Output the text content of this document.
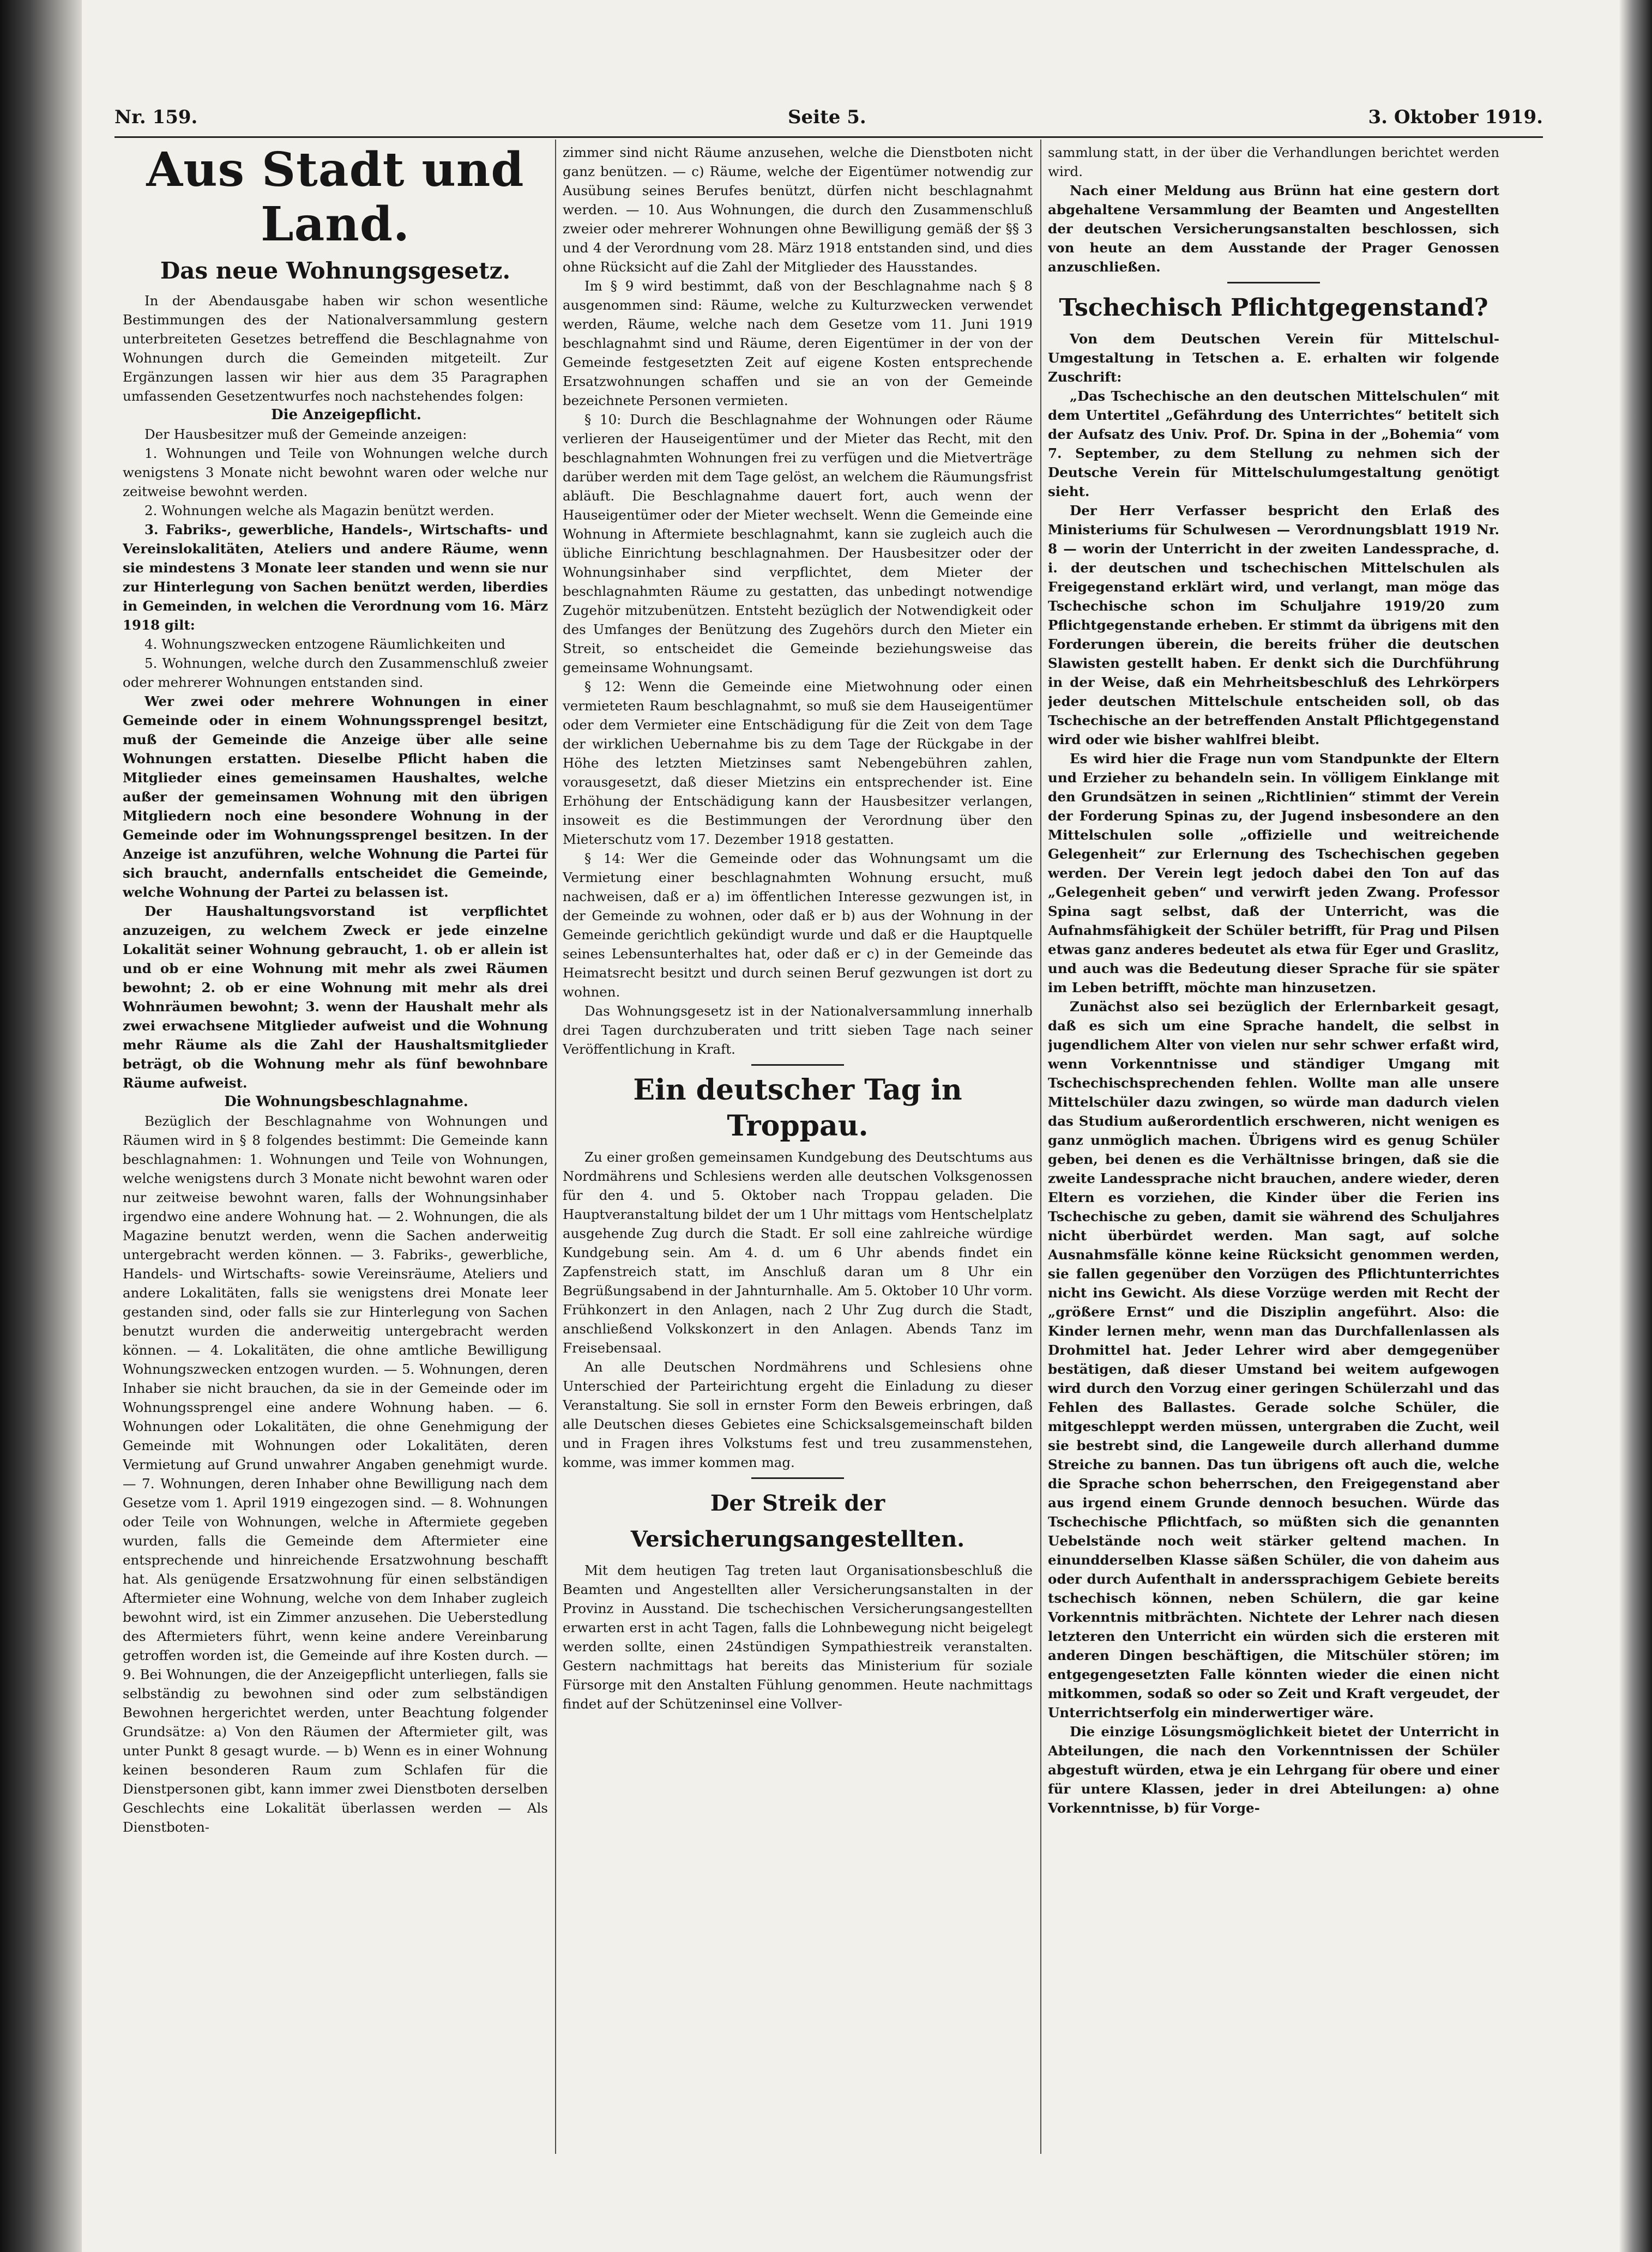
Nr. 159.	Seite 5.	3. Oktober 1919.
Aus Stadt und Land.
Das neue Wohnungsgesetz.

In der Abendausgabe haben wir schon wesentliche Bestimmungen des der Nationalversammlung gestern unterbreiteten Gesetzes betreffend die Beschlagnahme von Wohnungen durch die Gemeinden mitgeteilt. Zur Ergänzungen lassen wir hier aus dem 35 Paragraphen umfassenden Gesetzentwurfes noch nachstehendes folgen:

Die Anzeigepflicht.

Der Hausbesitzer muß der Gemeinde anzeigen:

1. Wohnungen und Teile von Wohnungen welche durch wenigstens 3 Monate nicht bewohnt waren oder welche nur zeitweise bewohnt werden.

2. Wohnungen welche als Magazin benützt werden.

3. Fabriks-, gewerbliche, Handels-, Wirtschafts- und Vereinslokalitäten, Ateliers und andere Räume, wenn sie mindestens 3 Monate leer standen und wenn sie nur zur Hinterlegung von Sachen benützt werden, liberdies in Gemeinden, in welchen die Verordnung vom 16. März 1918 gilt:

4. Wohnungszwecken entzogene Räumlichkeiten und

5. Wohnungen, welche durch den Zusammenschluß zweier oder mehrerer Wohnungen entstanden sind.

Wer zwei oder mehrere Wohnungen in einer Gemeinde oder in einem Wohnungssprengel besitzt, muß der Gemeinde die Anzeige über alle seine Wohnungen erstatten. Dieselbe Pflicht haben die Mitglieder eines gemeinsamen Haushaltes, welche außer der gemeinsamen Wohnung mit den übrigen Mitgliedern noch eine besondere Wohnung in der Gemeinde oder im Wohnungssprengel besitzen. In der Anzeige ist anzuführen, welche Wohnung die Partei für sich braucht, andernfalls entscheidet die Gemeinde, welche Wohnung der Partei zu belassen ist.

Der Haushaltungsvorstand ist verpflichtet anzuzeigen, zu welchem Zweck er jede einzelne Lokalität seiner Wohnung gebraucht, 1. ob er allein ist und ob er eine Wohnung mit mehr als zwei Räumen bewohnt; 2. ob er eine Wohnung mit mehr als drei Wohnräumen bewohnt; 3. wenn der Haushalt mehr als zwei erwachsene Mitglieder aufweist und die Wohnung mehr Räume als die Zahl der Haushaltsmitglieder beträgt, ob die Wohnung mehr als fünf bewohnbare Räume aufweist.

Die Wohnungsbeschlagnahme.

Bezüglich der Beschlagnahme von Wohnungen und Räumen wird in § 8 folgendes bestimmt: Die Gemeinde kann beschlagnahmen: 1. Wohnungen und Teile von Wohnungen, welche wenigstens durch 3 Monate nicht bewohnt waren oder nur zeitweise bewohnt waren, falls der Wohnungsinhaber irgendwo eine andere Wohnung hat. — 2. Wohnungen, die als Magazine benutzt werden, wenn die Sachen anderweitig untergebracht werden können. — 3. Fabriks-, gewerbliche, Handels- und Wirtschafts- sowie Vereinsräume, Ateliers und andere Lokalitäten, falls sie wenigstens drei Monate leer gestanden sind, oder falls sie zur Hinterlegung von Sachen benutzt wurden die anderweitig untergebracht werden können. — 4. Lokalitäten, die ohne amtliche Bewilligung Wohnungszwecken entzogen wurden. — 5. Wohnungen, deren Inhaber sie nicht brauchen, da sie in der Gemeinde oder im Wohnungssprengel eine andere Wohnung haben. — 6. Wohnungen oder Lokalitäten, die ohne Genehmigung der Gemeinde mit Wohnungen oder Lokalitäten, deren Vermietung auf Grund unwahrer Angaben genehmigt wurde. — 7. Wohnungen, deren Inhaber ohne Bewilligung nach dem Gesetze vom 1. April 1919 eingezogen sind. — 8. Wohnungen oder Teile von Wohnungen, welche in Aftermiete gegeben wurden, falls die Gemeinde dem Aftermieter eine entsprechende und hinreichende Ersatzwohnung beschafft hat. Als genügende Ersatzwohnung für einen selbständigen Aftermieter eine Wohnung, welche von dem Inhaber zugleich bewohnt wird, ist ein Zimmer anzusehen. Die Ueberstedlung des Aftermieters führt, wenn keine andere Vereinbarung getroffen worden ist, die Gemeinde auf ihre Kosten durch. — 9. Bei Wohnungen, die der Anzeigepflicht unterliegen, falls sie selbständig zu bewohnen sind oder zum selbständigen Bewohnen hergerichtet werden, unter Beachtung folgender Grundsätze: a) Von den Räumen der Aftermieter gilt, was unter Punkt 8 gesagt wurde. — b) Wenn es in einer Wohnung keinen besonderen Raum zum Schlafen für die Dienstpersonen gibt, kann immer zwei Dienstboten derselben Geschlechts eine Lokalität überlassen werden — Als Dienstboten-

zimmer sind nicht Räume anzusehen, welche die Dienstboten nicht ganz benützen. — c) Räume, welche der Eigentümer notwendig zur Ausübung seines Berufes benützt, dürfen nicht beschlagnahmt werden. — 10. Aus Wohnungen, die durch den Zusammenschluß zweier oder mehrerer Wohnungen ohne Bewilligung gemäß der §§ 3 und 4 der Verordnung vom 28. März 1918 entstanden sind, und dies ohne Rücksicht auf die Zahl der Mitglieder des Hausstandes.

Im § 9 wird bestimmt, daß von der Beschlagnahme nach § 8 ausgenommen sind: Räume, welche zu Kulturzwecken verwendet werden, Räume, welche nach dem Gesetze vom 11. Juni 1919 beschlagnahmt sind und Räume, deren Eigentümer in der von der Gemeinde festgesetzten Zeit auf eigene Kosten entsprechende Ersatzwohnungen schaffen und sie an von der Gemeinde bezeichnete Personen vermieten.

§ 10: Durch die Beschlagnahme der Wohnungen oder Räume verlieren der Hauseigentümer und der Mieter das Recht, mit den beschlagnahmten Wohnungen frei zu verfügen und die Mietverträge darüber werden mit dem Tage gelöst, an welchem die Räumungsfrist abläuft. Die Beschlagnahme dauert fort, auch wenn der Hauseigentümer oder der Mieter wechselt. Wenn die Gemeinde eine Wohnung in Aftermiete beschlagnahmt, kann sie zugleich auch die übliche Einrichtung beschlagnahmen. Der Hausbesitzer oder der Wohnungsinhaber sind verpflichtet, dem Mieter der beschlagnahmten Räume zu gestatten, das unbedingt notwendige Zugehör mitzubenützen. Entsteht bezüglich der Notwendigkeit oder des Umfanges der Benützung des Zugehörs durch den Mieter ein Streit, so entscheidet die Gemeinde beziehungsweise das gemeinsame Wohnungsamt.

§ 12: Wenn die Gemeinde eine Mietwohnung oder einen vermieteten Raum beschlagnahmt, so muß sie dem Hauseigentümer oder dem Vermieter eine Entschädigung für die Zeit von dem Tage der wirklichen Uebernahme bis zu dem Tage der Rückgabe in der Höhe des letzten Mietzinses samt Nebengebühren zahlen, vorausgesetzt, daß dieser Mietzins ein entsprechender ist. Eine Erhöhung der Entschädigung kann der Hausbesitzer verlangen, insoweit es die Bestimmungen der Verordnung über den Mieterschutz vom 17. Dezember 1918 gestatten.

§ 14: Wer die Gemeinde oder das Wohnungsamt um die Vermietung einer beschlagnahmten Wohnung ersucht, muß nachweisen, daß er a) im öffentlichen Interesse gezwungen ist, in der Gemeinde zu wohnen, oder daß er b) aus der Wohnung in der Gemeinde gerichtlich gekündigt wurde und daß er die Hauptquelle seines Lebensunterhaltes hat, oder daß er c) in der Gemeinde das Heimatsrecht besitzt und durch seinen Beruf gezwungen ist dort zu wohnen.

Das Wohnungsgesetz ist in der Nationalversammlung innerhalb drei Tagen durchzuberaten und tritt sieben Tage nach seiner Veröffentlichung in Kraft.

Ein deutscher Tag in Troppau.

Zu einer großen gemeinsamen Kundgebung des Deutschtums aus Nordmährens und Schlesiens werden alle deutschen Volksgenossen für den 4. und 5. Oktober nach Troppau geladen. Die Hauptveranstaltung bildet der um 1 Uhr mittags vom Hentschelplatz ausgehende Zug durch die Stadt. Er soll eine zahlreiche würdige Kundgebung sein. Am 4. d. um 6 Uhr abends findet ein Zapfenstreich statt, im Anschluß daran um 8 Uhr ein Begrüßungsabend in der Jahnturnhalle. Am 5. Oktober 10 Uhr vorm. Frühkonzert in den Anlagen, nach 2 Uhr Zug durch die Stadt, anschließend Volkskonzert in den Anlagen. Abends Tanz im Freisebensaal.

An alle Deutschen Nordmährens und Schlesiens ohne Unterschied der Parteirichtung ergeht die Einladung zu dieser Veranstaltung. Sie soll in ernster Form den Beweis erbringen, daß alle Deutschen dieses Gebietes eine Schicksalsgemeinschaft bilden und in Fragen ihres Volkstums fest und treu zusammenstehen, komme, was immer kommen mag.

Der Streik der Versicherungsangestellten.

Mit dem heutigen Tag treten laut Organisationsbeschluß die Beamten und Angestellten aller Versicherungsanstalten in der Provinz in Ausstand. Die tschechischen Versicherungsangestellten erwarten erst in acht Tagen, falls die Lohnbewegung nicht beigelegt werden sollte, einen 24stündigen Sympathiestreik veranstalten. Gestern nachmittags hat bereits das Ministerium für soziale Fürsorge mit den Anstalten Fühlung genommen. Heute nachmittags findet auf der Schützeninsel eine Vollver-

sammlung statt, in der über die Verhandlungen berichtet werden wird.

Nach einer Meldung aus Brünn hat eine gestern dort abgehaltene Versammlung der Beamten und Angestellten der deutschen Versicherungsanstalten beschlossen, sich von heute an dem Ausstande der Prager Genossen anzuschließen.

Tschechisch Pflichtgegenstand?

Von dem Deutschen Verein für Mittelschul-Umgestaltung in Tetschen a. E. erhalten wir folgende Zuschrift:

„Das Tschechische an den deutschen Mittelschulen“ mit dem Untertitel „Gefährdung des Unterrichtes“ betitelt sich der Aufsatz des Univ. Prof. Dr. Spina in der „Bohemia“ vom 7. September, zu dem Stellung zu nehmen sich der Deutsche Verein für Mittelschulumgestaltung genötigt sieht.

Der Herr Verfasser bespricht den Erlaß des Ministeriums für Schulwesen — Verordnungsblatt 1919 Nr. 8 — worin der Unterricht in der zweiten Landessprache, d. i. der deutschen und tschechischen Mittelschulen als Freigegenstand erklärt wird, und verlangt, man möge das Tschechische schon im Schuljahre 1919/20 zum Pflichtgegenstande erheben. Er stimmt da übrigens mit den Forderungen überein, die bereits früher die deutschen Slawisten gestellt haben. Er denkt sich die Durchführung in der Weise, daß ein Mehrheitsbeschluß des Lehrkörpers jeder deutschen Mittelschule entscheiden soll, ob das Tschechische an der betreffenden Anstalt Pflichtgegenstand wird oder wie bisher wahlfrei bleibt.

Es wird hier die Frage nun vom Standpunkte der Eltern und Erzieher zu behandeln sein. In völligem Einklange mit den Grundsätzen in seinen „Richtlinien“ stimmt der Verein der Forderung Spinas zu, der Jugend insbesondere an den Mittelschulen solle „offizielle und weitreichende Gelegenheit“ zur Erlernung des Tschechischen gegeben werden. Der Verein legt jedoch dabei den Ton auf das „Gelegenheit geben“ und verwirft jeden Zwang. Professor Spina sagt selbst, daß der Unterricht, was die Aufnahmsfähigkeit der Schüler betrifft, für Prag und Pilsen etwas ganz anderes bedeutet als etwa für Eger und Graslitz, und auch was die Bedeutung dieser Sprache für sie später im Leben betrifft, möchte man hinzusetzen.

Zunächst also sei bezüglich der Erlernbarkeit gesagt, daß es sich um eine Sprache handelt, die selbst in jugendlichem Alter von vielen nur sehr schwer erfaßt wird, wenn Vorkenntnisse und ständiger Umgang mit Tschechischsprechenden fehlen. Wollte man alle unsere Mittelschüler dazu zwingen, so würde man dadurch vielen das Studium außerordentlich erschweren, nicht wenigen es ganz unmöglich machen. Übrigens wird es genug Schüler geben, bei denen es die Verhältnisse bringen, daß sie die zweite Landessprache nicht brauchen, andere wieder, deren Eltern es vorziehen, die Kinder über die Ferien ins Tschechische zu geben, damit sie während des Schuljahres nicht überbürdet werden. Man sagt, auf solche Ausnahmsfälle könne keine Rücksicht genommen werden, sie fallen gegenüber den Vorzügen des Pflichtunterrichtes nicht ins Gewicht. Als diese Vorzüge werden mit Recht der „größere Ernst“ und die Disziplin angeführt. Also: die Kinder lernen mehr, wenn man das Durchfallenlassen als Drohmittel hat. Jeder Lehrer wird aber demgegenüber bestätigen, daß dieser Umstand bei weitem aufgewogen wird durch den Vorzug einer geringen Schülerzahl und das Fehlen des Ballastes. Gerade solche Schüler, die mitgeschleppt werden müssen, untergraben die Zucht, weil sie bestrebt sind, die Langeweile durch allerhand dumme Streiche zu bannen. Das tun übrigens oft auch die, welche die Sprache schon beherrschen, den Freigegenstand aber aus irgend einem Grunde dennoch besuchen. Würde das Tschechische Pflichtfach, so müßten sich die genannten Uebelstände noch weit stärker geltend machen. In einundderselben Klasse säßen Schüler, die von daheim aus oder durch Aufenthalt in anderssprachigem Gebiete bereits tschechisch können, neben Schülern, die gar keine Vorkenntnis mitbrächten. Nichtete der Lehrer nach diesen letzteren den Unterricht ein würden sich die ersteren mit anderen Dingen beschäftigen, die Mitschüler stören; im entgegengesetzten Falle könnten wieder die einen nicht mitkommen, sodaß so oder so Zeit und Kraft vergeudet, der Unterrichtserfolg ein minderwertiger wäre.

Die einzige Lösungsmöglichkeit bietet der Unterricht in Abteilungen, die nach den Vorkenntnissen der Schüler abgestuft würden, etwa je ein Lehrgang für obere und einer für untere Klassen, jeder in drei Abteilungen: a) ohne Vorkenntnisse, b) für Vorge-
